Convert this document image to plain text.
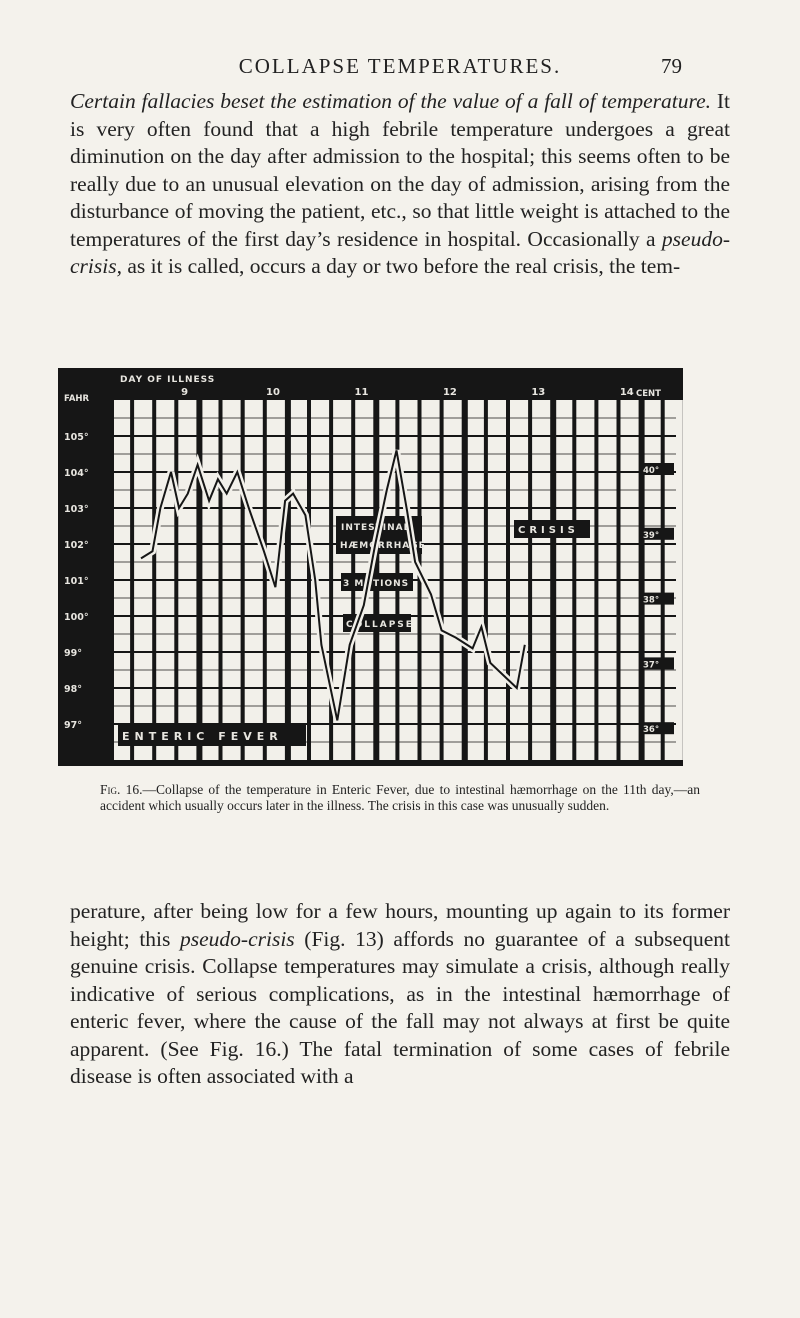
COLLAPSE TEMPERATURES.	79

Certain fallacies beset the estimation of the value of a fall of temperature. It is very often found that a high febrile temperature undergoes a great diminution on the day after admission to the hospital; this seems often to be really due to an unusual elevation on the day of admission, arising from the disturbance of moving the patient, etc., so that little weight is attached to the temperatures of the first day’s residence in hospital. Occasionally a pseudo-crisis, as it is called, occurs a day or two before the real crisis, the tem-

DAY OF ILLNESS
FAHR	CENT
9	10	11	12	13	14
105°
104°
103°
102°
101°
100°
99°
98°
97°
40°
39°
38°
37°
36°
INTESTINAL
HÆMORRHAGE
3 MOTIONS
COLLAPSE
CRISIS
ENTERIC FEVER

Fig. 16.—Collapse of the temperature in Enteric Fever, due to intestinal hæmorrhage on the 11th day,—an accident which usually occurs later in the illness. The crisis in this case was unusually sudden.

perature, after being low for a few hours, mounting up again to its former height; this pseudo-crisis (Fig. 13) affords no guarantee of a subsequent genuine crisis. Collapse temperatures may simulate a crisis, although really indicative of serious complications, as in the intestinal hæmorrhage of enteric fever, where the cause of the fall may not always at first be quite apparent. (See Fig. 16.) The fatal termination of some cases of febrile disease is often associated with a
